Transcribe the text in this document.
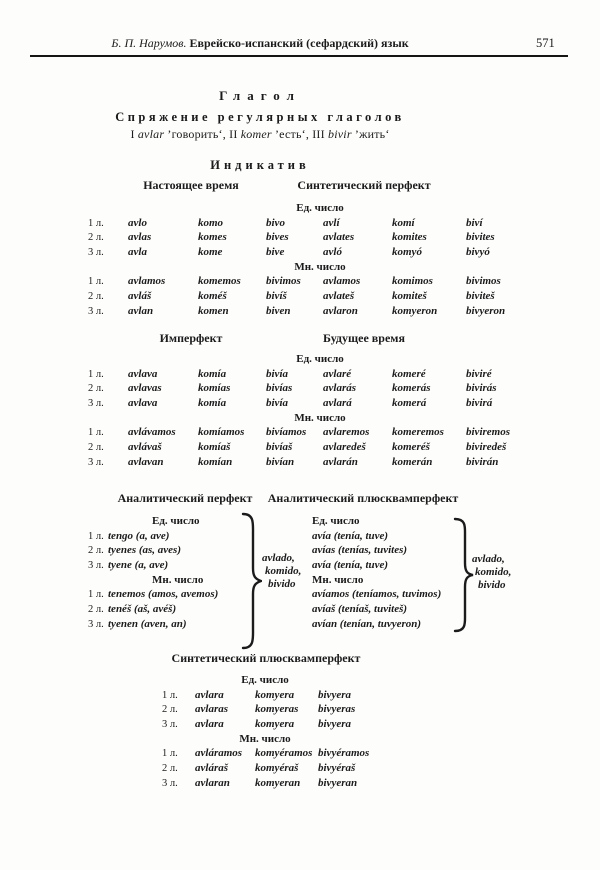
Б. П. Нарумов. Еврейско-испанский (сефардский) язык	571
Глагол
Спряжение регулярных глаголов
I avlar ’говорить‘, II komer ’есть‘, III bivir ’жить‘
Индикатив
Настоящее время	Синтетический перфект
Ед. число
1 л.	avlo	komo	bivo	avlí	komí	biví
2 л.	avlas	komes	bives	avlates	komites	bivites
3 л.	avla	kome	bive	avló	komyó	bivyó
Мн. число
1 л.	avlamos	komemos	bivimos	avlamos	komimos	bivimos
2 л.	avláš	koméš	bivíš	avlateš	komiteš	biviteš
3 л.	avlan	komen	biven	avlaron	komyeron	bivyeron
Имперфект	Будущее время
Ед. число
1 л.	avlava	komía	bivía	avlaré	komeré	biviré
2 л.	avlavas	komías	bivías	avlarás	komerás	bivirás
3 л.	avlava	komía	bivía	avlará	komerá	bivirá
Мн. число
1 л.	avlávamos	komíamos	bivíamos	avlaremos	komeremos	biviremos
2 л.	avlávaš	komíaš	bivíaš	avlaredeš	komeréš	biviredeš
3 л.	avlavan	komían	bivían	avlarán	komerán	bivirán
Аналитический перфект Аналитический плюсквамперфект
Ед. число
1 л. tengo (a, ave)
2 л. tyenes (as, aves)
3 л. tyene (a, ave)
Мн. число
1 л. tenemos (amos, avemos)
2 л. tenéš (aš, avéš)
3 л. tyenen (aven, an)
avlado,
komido,
bivido
Ед. число
avía (tenía, tuve)
avías (tenías, tuvites)
avía (tenía, tuve)
Мн. число
avíamos (teníamos, tuvimos)
avíaš (teníaš, tuviteš)
avían (tenían, tuvyeron)
avlado,
komido,
bivido
Синтетический плюсквамперфект
Ед. число
1 л.	avlara	komyera	bivyera
2 л.	avlaras	komyeras	bivyeras
3 л.	avlara	komyera	bivyera
Мн. число
1 л.	avláramos	komyéramos bivyéramos
2 л.	avláraš	komyéraš	bivyéraš
3 л.	avlaran	komyeran	bivyeran
